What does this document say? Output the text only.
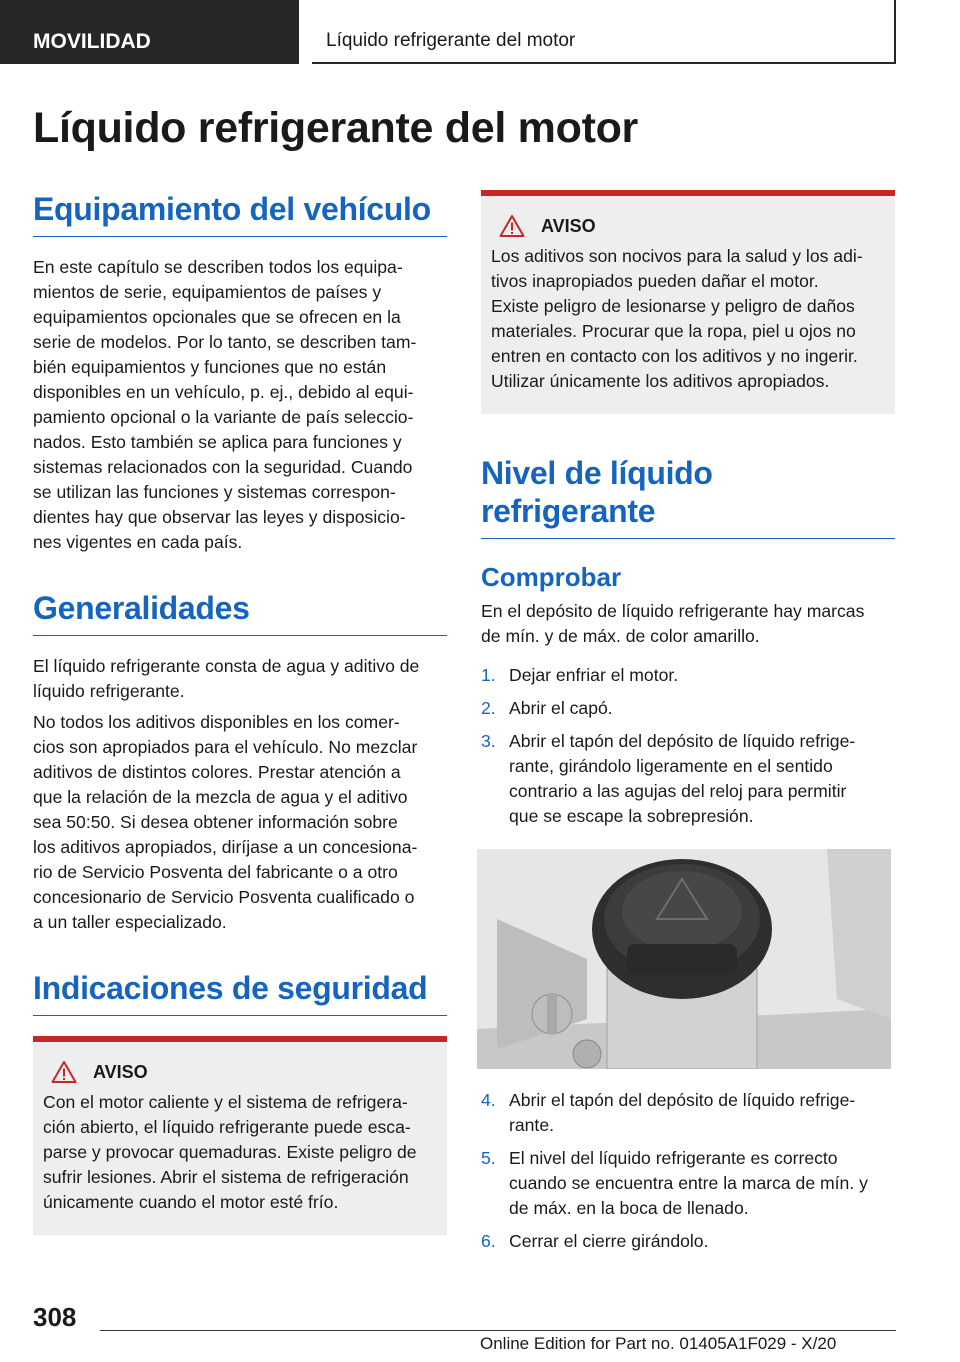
MOVILIDAD	Líquido refrigerante del motor
Líquido refrigerante del motor
Equipamiento del vehículo

En este capítulo se describen todos los equipa‐
mientos de serie, equipamientos de países y
equipamientos opcionales que se ofrecen en la
serie de modelos. Por lo tanto, se describen tam‐
bién equipamientos y funciones que no están
disponibles en un vehículo, p. ej., debido al equi‐
pamiento opcional o la variante de país seleccio‐
nados. Esto también se aplica para funciones y
sistemas relacionados con la seguridad. Cuando
se utilizan las funciones y sistemas correspon‐
dientes hay que observar las leyes y disposicio‐
nes vigentes en cada país.

Generalidades

El líquido refrigerante consta de agua y aditivo de
líquido refrigerante.

No todos los aditivos disponibles en los comer‐
cios son apropiados para el vehículo. No mezclar
aditivos de distintos colores. Prestar atención a
que la relación de la mezcla de agua y el aditivo
sea 50:50. Si desea obtener información sobre
los aditivos apropiados, diríjase a un concesiona‐
rio de Servicio Posventa del fabricante o a otro
concesionario de Servicio Posventa cualificado o
a un taller especializado.

Indicaciones de seguridad
AVISO

Con el motor caliente y el sistema de refrigera‐
ción abierto, el líquido refrigerante puede esca‐
parse y provocar quemaduras. Existe peligro de
sufrir lesiones. Abrir el sistema de refrigeración
únicamente cuando el motor esté frío.

AVISO

Los aditivos son nocivos para la salud y los adi‐
tivos inapropiados pueden dañar el motor.
Existe peligro de lesionarse y peligro de daños
materiales. Procurar que la ropa, piel u ojos no
entren en contacto con los aditivos y no ingerir.
Utilizar únicamente los aditivos apropiados.

Nivel de líquido refrigerante
Comprobar

En el depósito de líquido refrigerante hay marcas
de mín. y de máx. de color amarillo.

1. Dejar enfriar el motor.
2. Abrir el capó.
3. Abrir el tapón del depósito de líquido refrige‐
rante, girándolo ligeramente en el sentido
contrario a las agujas del reloj para permitir
que se escape la sobrepresión.
4. Abrir el tapón del depósito de líquido refrige‐
rante.
5. El nivel del líquido refrigerante es correcto
cuando se encuentra entre la marca de mín. y
de máx. en la boca de llenado.
6. Cerrar el cierre girándolo.
308
Online Edition for Part no. 01405A1F029 - X/20
